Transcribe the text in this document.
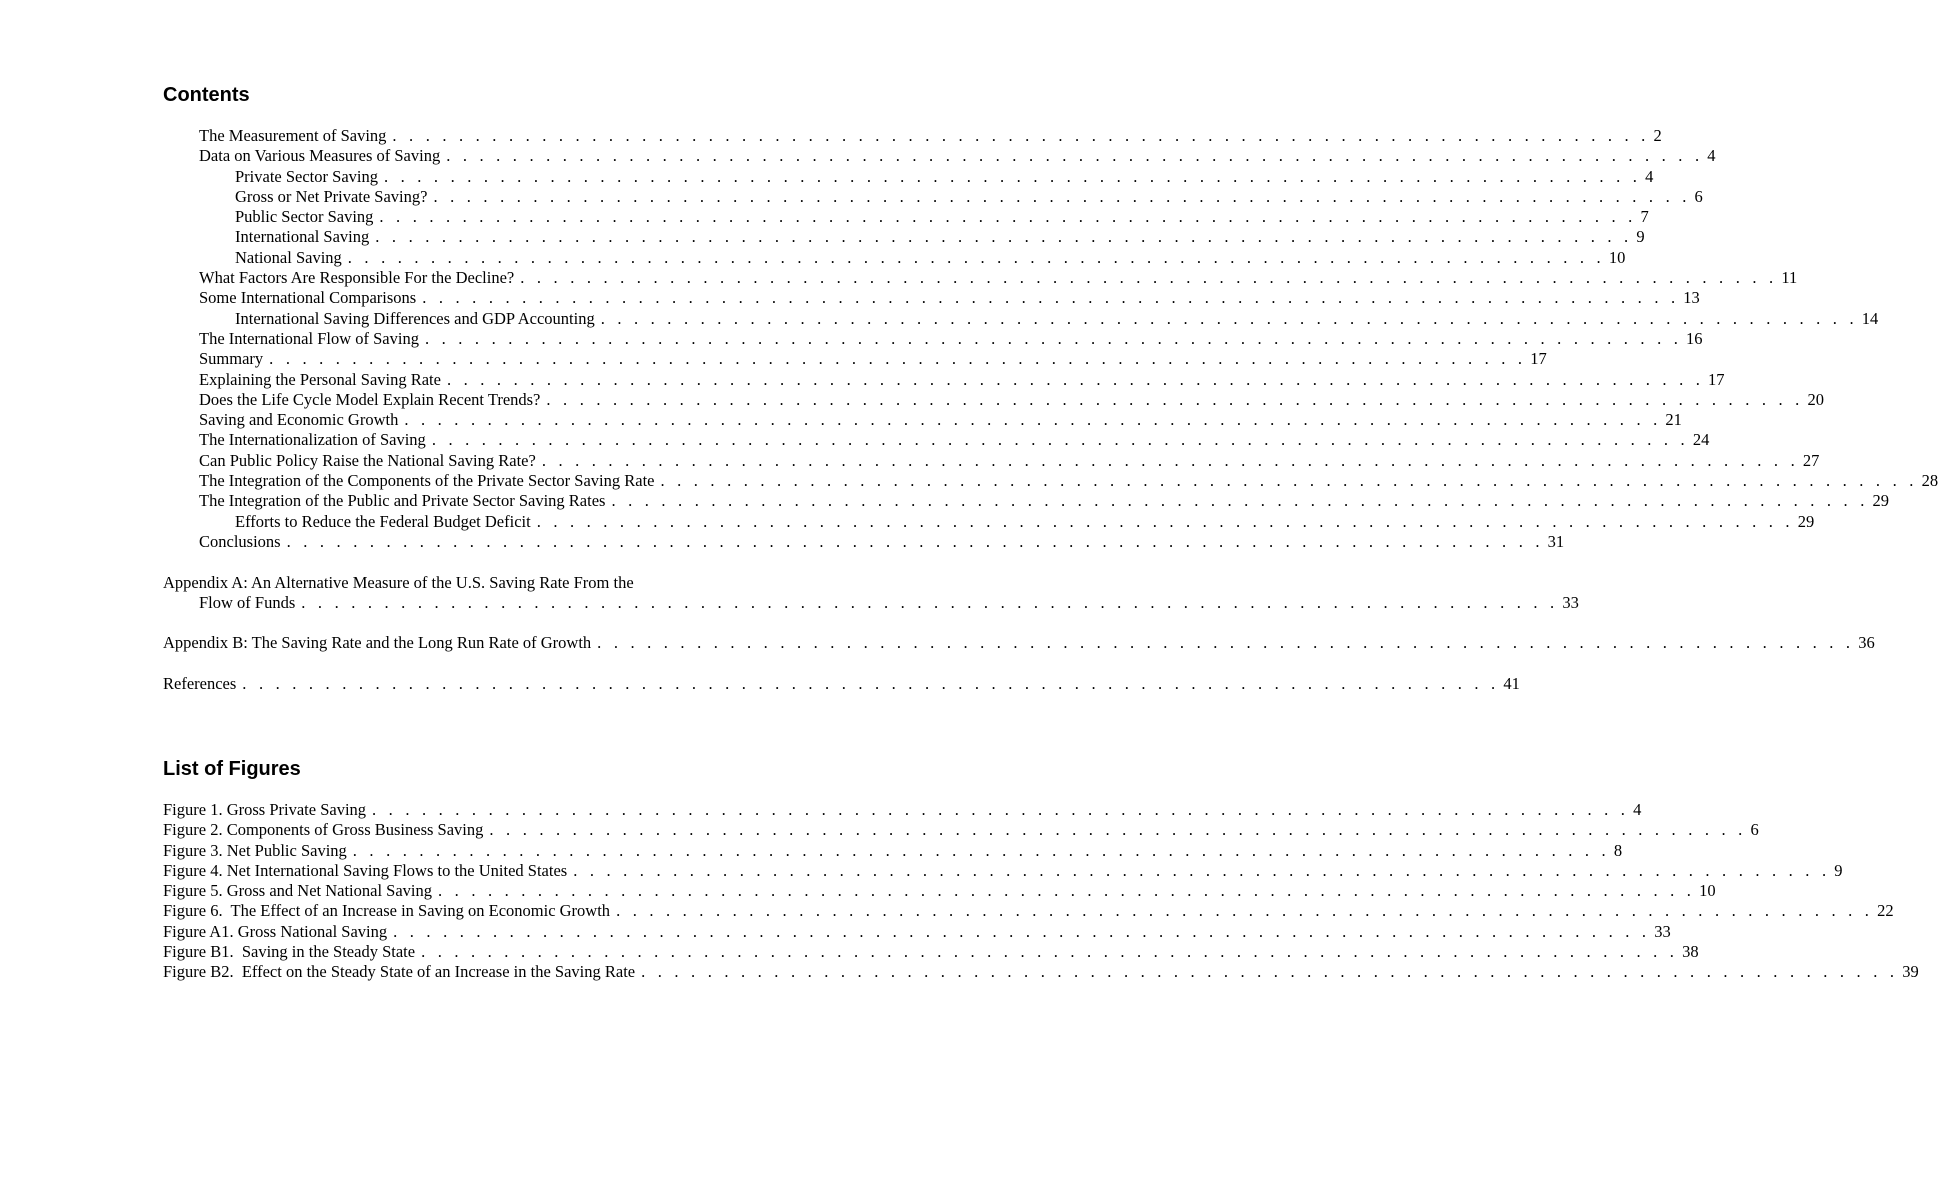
Contents
The Measurement of Saving . . . . . . . . . . . . . . . . . . . . . . . . . . . . . . . . . . . . . . . . . . . . . . . . . . . . . . . . . . . . . . . . . . . . . . . . . . . . 2
Data on Various Measures of Saving . . . . . . . . . . . . . . . . . . . . . . . . . . . . . . . . . . . . . . . . . . . . . . . . . . . . . . . . . . . . . . . . . . . . . . . . . . . . 4
Private Sector Saving . . . . . . . . . . . . . . . . . . . . . . . . . . . . . . . . . . . . . . . . . . . . . . . . . . . . . . . . . . . . . . . . . . . . . . . . . . . . 4
Gross or Net Private Saving? . . . . . . . . . . . . . . . . . . . . . . . . . . . . . . . . . . . . . . . . . . . . . . . . . . . . . . . . . . . . . . . . . . . . . . . . . . . . 6
Public Sector Saving . . . . . . . . . . . . . . . . . . . . . . . . . . . . . . . . . . . . . . . . . . . . . . . . . . . . . . . . . . . . . . . . . . . . . . . . . . . . 7
International Saving . . . . . . . . . . . . . . . . . . . . . . . . . . . . . . . . . . . . . . . . . . . . . . . . . . . . . . . . . . . . . . . . . . . . . . . . . . . . 9
National Saving . . . . . . . . . . . . . . . . . . . . . . . . . . . . . . . . . . . . . . . . . . . . . . . . . . . . . . . . . . . . . . . . . . . . . . . . . . . . 10
What Factors Are Responsible For the Decline? . . . . . . . . . . . . . . . . . . . . . . . . . . . . . . . . . . . . . . . . . . . . . . . . . . . . . . . . . . . . . . . . . . . . . . . . . . . . 11
Some International Comparisons . . . . . . . . . . . . . . . . . . . . . . . . . . . . . . . . . . . . . . . . . . . . . . . . . . . . . . . . . . . . . . . . . . . . . . . . . . . . 13
International Saving Differences and GDP Accounting . . . . . . . . . . . . . . . . . . . . . . . . . . . . . . . . . . . . . . . . . . . . . . . . . . . . . . . . . . . . . . . . . . . . . . . . . . . . 14
The International Flow of Saving . . . . . . . . . . . . . . . . . . . . . . . . . . . . . . . . . . . . . . . . . . . . . . . . . . . . . . . . . . . . . . . . . . . . . . . . . . . . 16
Summary . . . . . . . . . . . . . . . . . . . . . . . . . . . . . . . . . . . . . . . . . . . . . . . . . . . . . . . . . . . . . . . . . . . . . . . . . . . . 17
Explaining the Personal Saving Rate . . . . . . . . . . . . . . . . . . . . . . . . . . . . . . . . . . . . . . . . . . . . . . . . . . . . . . . . . . . . . . . . . . . . . . . . . . . . 17
Does the Life Cycle Model Explain Recent Trends? . . . . . . . . . . . . . . . . . . . . . . . . . . . . . . . . . . . . . . . . . . . . . . . . . . . . . . . . . . . . . . . . . . . . . . . . . . . . 20
Saving and Economic Growth . . . . . . . . . . . . . . . . . . . . . . . . . . . . . . . . . . . . . . . . . . . . . . . . . . . . . . . . . . . . . . . . . . . . . . . . . . . . 21
The Internationalization of Saving . . . . . . . . . . . . . . . . . . . . . . . . . . . . . . . . . . . . . . . . . . . . . . . . . . . . . . . . . . . . . . . . . . . . . . . . . . . . 24
Can Public Policy Raise the National Saving Rate? . . . . . . . . . . . . . . . . . . . . . . . . . . . . . . . . . . . . . . . . . . . . . . . . . . . . . . . . . . . . . . . . . . . . . . . . . . . . 27
The Integration of the Components of the Private Sector Saving Rate . . . . . . . . . . . . . . . . . . . . . . . . . . . . . . . . . . . . . . . . . . . . . . . . . . . . . . . . . . . . . . . . . . . . . . . . . . . . 28
The Integration of the Public and Private Sector Saving Rates . . . . . . . . . . . . . . . . . . . . . . . . . . . . . . . . . . . . . . . . . . . . . . . . . . . . . . . . . . . . . . . . . . . . . . . . . . . . 29
Efforts to Reduce the Federal Budget Deficit . . . . . . . . . . . . . . . . . . . . . . . . . . . . . . . . . . . . . . . . . . . . . . . . . . . . . . . . . . . . . . . . . . . . . . . . . . . . 29
Conclusions . . . . . . . . . . . . . . . . . . . . . . . . . . . . . . . . . . . . . . . . . . . . . . . . . . . . . . . . . . . . . . . . . . . . . . . . . . . . 31
Appendix A: An Alternative Measure of the U.S. Saving Rate From the
Flow of Funds . . . . . . . . . . . . . . . . . . . . . . . . . . . . . . . . . . . . . . . . . . . . . . . . . . . . . . . . . . . . . . . . . . . . . . . . . . . . 33
Appendix B: The Saving Rate and the Long Run Rate of Growth . . . . . . . . . . . . . . . . . . . . . . . . . . . . . . . . . . . . . . . . . . . . . . . . . . . . . . . . . . . . . . . . . . . . . . . . . . . . 36
References . . . . . . . . . . . . . . . . . . . . . . . . . . . . . . . . . . . . . . . . . . . . . . . . . . . . . . . . . . . . . . . . . . . . . . . . . . . . 41
List of Figures
Figure 1. Gross Private Saving . . . . . . . . . . . . . . . . . . . . . . . . . . . . . . . . . . . . . . . . . . . . . . . . . . . . . . . . . . . . . . . . . . . . . . . . . . . . 4
Figure 2. Components of Gross Business Saving . . . . . . . . . . . . . . . . . . . . . . . . . . . . . . . . . . . . . . . . . . . . . . . . . . . . . . . . . . . . . . . . . . . . . . . . . . . . 6
Figure 3. Net Public Saving . . . . . . . . . . . . . . . . . . . . . . . . . . . . . . . . . . . . . . . . . . . . . . . . . . . . . . . . . . . . . . . . . . . . . . . . . . . . 8
Figure 4. Net International Saving Flows to the United States . . . . . . . . . . . . . . . . . . . . . . . . . . . . . . . . . . . . . . . . . . . . . . . . . . . . . . . . . . . . . . . . . . . . . . . . . . . . 9
Figure 5. Gross and Net National Saving . . . . . . . . . . . . . . . . . . . . . . . . . . . . . . . . . . . . . . . . . . . . . . . . . . . . . . . . . . . . . . . . . . . . . . . . . . . . 10
Figure 6.  The Effect of an Increase in Saving on Economic Growth . . . . . . . . . . . . . . . . . . . . . . . . . . . . . . . . . . . . . . . . . . . . . . . . . . . . . . . . . . . . . . . . . . . . . . . . . . . . 22
Figure A1. Gross National Saving . . . . . . . . . . . . . . . . . . . . . . . . . . . . . . . . . . . . . . . . . . . . . . . . . . . . . . . . . . . . . . . . . . . . . . . . . . . . 33
Figure B1.  Saving in the Steady State . . . . . . . . . . . . . . . . . . . . . . . . . . . . . . . . . . . . . . . . . . . . . . . . . . . . . . . . . . . . . . . . . . . . . . . . . . . . 38
Figure B2.  Effect on the Steady State of an Increase in the Saving Rate . . . . . . . . . . . . . . . . . . . . . . . . . . . . . . . . . . . . . . . . . . . . . . . . . . . . . . . . . . . . . . . . . . . . . . . . . . . . 39
